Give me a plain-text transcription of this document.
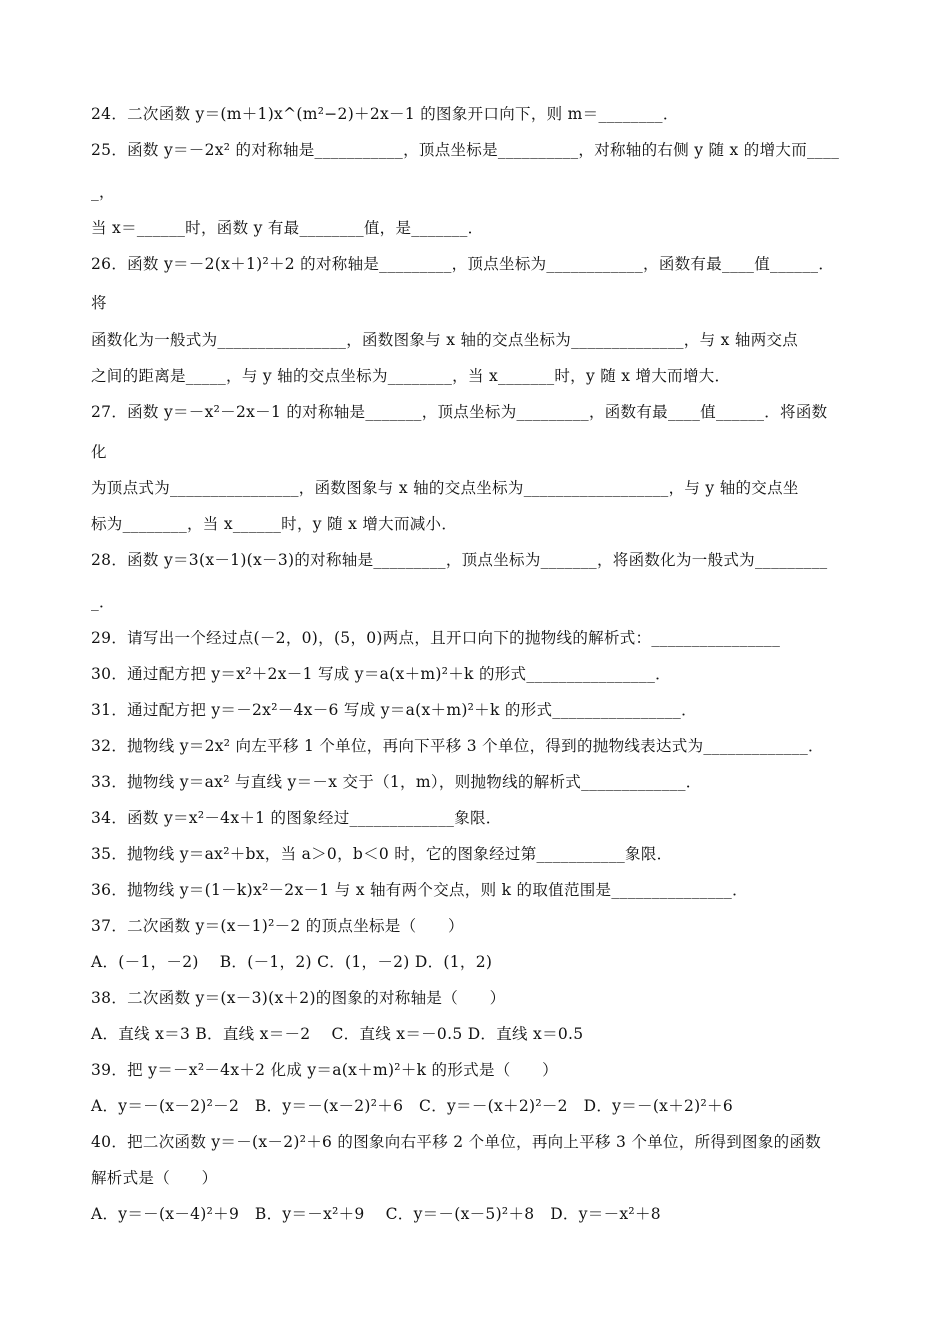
24．二次函数 y＝(m＋1)x^(m²−2)＋2x－1 的图象开口向下，则 m＝________．
25．函数 y＝－2x² 的对称轴是___________，顶点坐标是__________，对称轴的右侧 y 随 x 的增大而____
_，
当 x＝______时，函数 y 有最________值，是_______．
26．函数 y＝－2(x＋1)²＋2 的对称轴是_________，顶点坐标为____________，函数有最____值______．
将
函数化为一般式为________________，函数图象与 x 轴的交点坐标为______________，与 x 轴两交点
之间的距离是_____，与 y 轴的交点坐标为________，当 x_______时，y 随 x 增大而增大．
27．函数 y＝－x²－2x－1 的对称轴是_______，顶点坐标为_________，函数有最____值______．将函数
化
为顶点式为________________，函数图象与 x 轴的交点坐标为__________________，与 y 轴的交点坐
标为________，当 x______时，y 随 x 增大而减小．
28．函数 y＝3(x－1)(x－3)的对称轴是_________，顶点坐标为_______，将函数化为一般式为_________
_．
29．请写出一个经过点(－2，0)，(5，0)两点，且开口向下的抛物线的解析式：________________
30．通过配方把 y＝x²＋2x－1 写成 y＝a(x＋m)²＋k 的形式________________．
31．通过配方把 y＝－2x²－4x－6 写成 y＝a(x＋m)²＋k 的形式________________．
32．抛物线 y＝2x² 向左平移 1 个单位，再向下平移 3 个单位，得到的抛物线表达式为_____________．
33．抛物线 y＝ax² 与直线 y＝－x 交于（1，m），则抛物线的解析式_____________．
34．函数 y＝x²－4x＋1 的图象经过_____________象限．
35．抛物线 y＝ax²＋bx，当 a＞0，b＜0 时，它的图象经过第___________象限．
36．抛物线 y＝(1－k)x²－2x－1 与 x 轴有两个交点，则 k 的取值范围是_______________．
37．二次函数 y＝(x－1)²－2 的顶点坐标是（　　）
A．(－1，－2)　 B．(－1，2) C．(1，－2) D．(1，2)
38．二次函数 y＝(x－3)(x＋2)的图象的对称轴是（　　）
A．直线 x＝3 B．直线 x＝－2　 C．直线 x＝－0.5 D．直线 x＝0.5
39．把 y＝－x²－4x＋2 化成 y＝a(x＋m)²＋k 的形式是（　　）
A．y＝－(x－2)²－2　B．y＝－(x－2)²＋6　C．y＝－(x＋2)²－2　D．y＝－(x＋2)²＋6
40．把二次函数 y＝－(x－2)²＋6 的图象向右平移 2 个单位，再向上平移 3 个单位，所得到图象的函数
解析式是（　　）
A．y＝－(x－4)²＋9　B．y＝－x²＋9　 C．y＝－(x－5)²＋8　D．y＝－x²＋8
